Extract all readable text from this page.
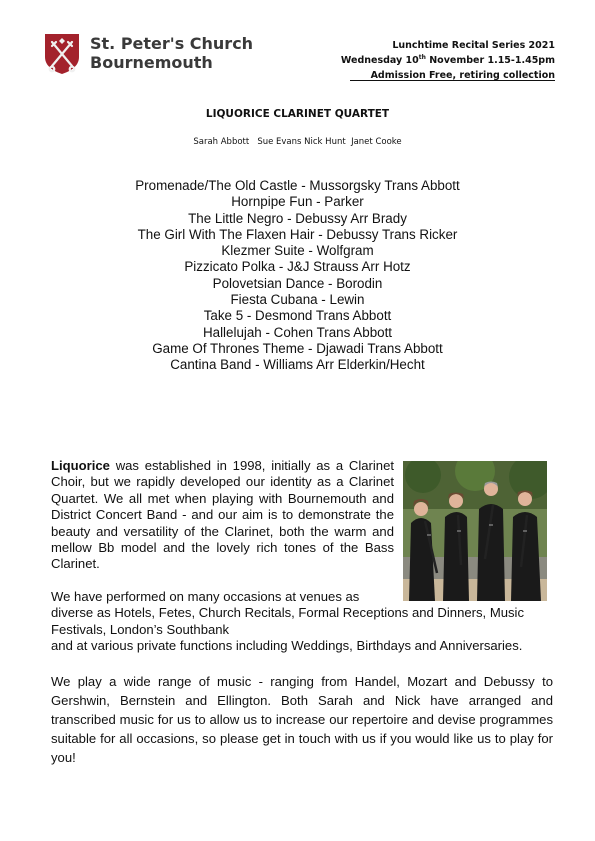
St. Peter's Church
Bournemouth
Lunchtime Recital Series 2021
Wednesday 10th November 1.15-1.45pm
Admission Free, retiring collection
LIQUORICE CLARINET QUARTET
Sarah Abbott   Sue Evans Nick Hunt  Janet Cooke
Promenade/The Old Castle - Mussorgsky Trans Abbott
Hornpipe Fun - Parker
The Little Negro - Debussy Arr Brady
The Girl With The Flaxen Hair - Debussy Trans Ricker
Klezmer Suite - Wolfgram
Pizzicato Polka - J&J Strauss Arr Hotz
Polovetsian Dance - Borodin
Fiesta Cubana - Lewin
Take 5 - Desmond Trans Abbott
Hallelujah - Cohen Trans Abbott
Game Of Thrones Theme - Djawadi Trans Abbott
Cantina Band - Williams Arr Elderkin/Hecht

Liquorice was established in 1998, initially as a Clarinet Choir, but we rapidly developed our identity as a Clarinet Quartet. We all met when playing with Bournemouth and District Concert Band - and our aim is to demonstrate the beauty and versatility of the Clarinet, both the warm and mellow Bb model and the lovely rich tones of the Bass Clarinet.

We have performed on many occasions at venues as
diverse as Hotels, Fetes, Church Recitals, Formal Receptions and Dinners, Music Festivals, London’s Southbank
and at various private functions including Weddings, Birthdays and Anniversaries.

We play a wide range of music - ranging from Handel, Mozart and Debussy to Gershwin, Bernstein and Ellington. Both Sarah and Nick have arranged and transcribed music for us to allow us to increase our repertoire and devise programmes suitable for all occasions, so please get in touch with us if you would like us to play for you!
